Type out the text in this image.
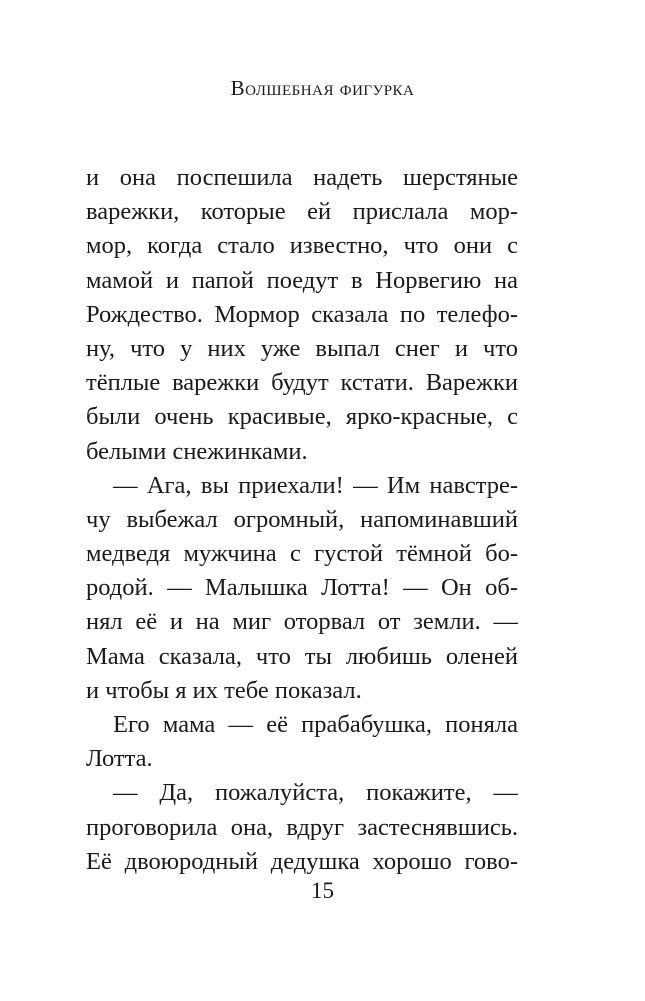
Волшебная фигурка
и она поспешила надеть шерстяные
варежки, которые ей прислала мор-
мор, когда стало известно, что они с
мамой и папой поедут в Норвегию на
Рождество. Мормор сказала по телефо-
ну, что у них уже выпал снег и что
тёплые варежки будут кстати. Варежки
были очень красивые, ярко-красные, с
белыми снежинками.
— Ага, вы приехали! — Им навстре-
чу выбежал огромный, напоминавший
медведя мужчина с густой тёмной бо-
родой. — Малышка Лотта! — Он об-
нял её и на миг оторвал от земли. —
Мама сказала, что ты любишь оленей
и чтобы я их тебе показал.
Его мама — её прабабушка, поняла
Лотта.
— Да, пожалуйста, покажите, —
проговорила она, вдруг застеснявшись.
Её двоюродный дедушка хорошо гово-
15
